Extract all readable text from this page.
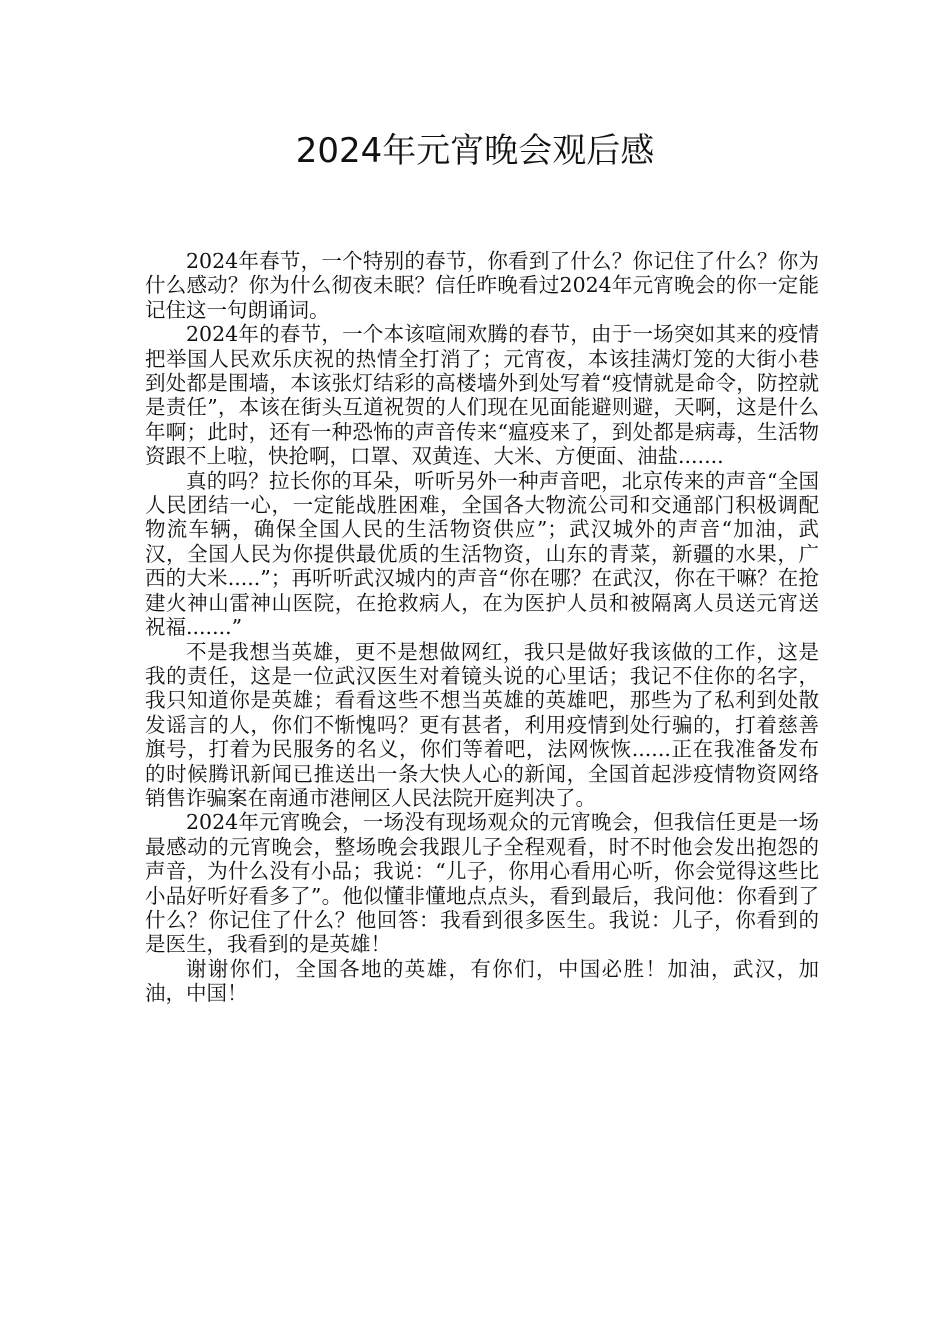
2024年元宵晚会观后感

2024年春节，一个特别的春节，你看到了什么？你记住了什么？你为什么感动？你为什么彻夜未眠？信任昨晚看过2024年元宵晚会的你一定能记住这一句朗诵词。

2024年的春节，一个本该喧闹欢腾的春节，由于一场突如其来的疫情把举国人民欢乐庆祝的热情全打消了；元宵夜，本该挂满灯笼的大街小巷到处都是围墙，本该张灯结彩的高楼墙外到处写着“疫情就是命令，防控就是责任”，本该在街头互道祝贺的人们现在见面能避则避，天啊，这是什么年啊；此时，还有一种恐怖的声音传来“瘟疫来了，到处都是病毒，生活物资跟不上啦，快抢啊，口罩、双黄连、大米、方便面、油盐.......

真的吗？拉长你的耳朵，听听另外一种声音吧，北京传来的声音“全国人民团结一心，一定能战胜困难，全国各大物流公司和交通部门积极调配物流车辆，确保全国人民的生活物资供应”；武汉城外的声音“加油，武汉，全国人民为你提供最优质的生活物资，山东的青菜，新疆的水果，广西的大米.....”；再听听武汉城内的声音“你在哪？在武汉，你在干嘛？在抢建火神山雷神山医院，在抢救病人，在为医护人员和被隔离人员送元宵送祝福.......”

不是我想当英雄，更不是想做网红，我只是做好我该做的工作，这是我的责任，这是一位武汉医生对着镜头说的心里话；我记不住你的名字，我只知道你是英雄；看看这些不想当英雄的英雄吧，那些为了私利到处散发谣言的人，你们不惭愧吗？更有甚者，利用疫情到处行骗的，打着慈善旗号，打着为民服务的名义，你们等着吧，法网恢恢......正在我准备发布的时候腾讯新闻已推送出一条大快人心的新闻，全国首起涉疫情物资网络销售诈骗案在南通市港闸区人民法院开庭判决了。

2024年元宵晚会，一场没有现场观众的元宵晚会，但我信任更是一场最感动的元宵晚会，整场晚会我跟儿子全程观看，时不时他会发出抱怨的声音，为什么没有小品；我说：“儿子，你用心看用心听，你会觉得这些比小品好听好看多了”。他似懂非懂地点点头，看到最后，我问他：你看到了什么？你记住了什么？他回答：我看到很多医生。我说：儿子，你看到的是医生，我看到的是英雄！

谢谢你们，全国各地的英雄，有你们，中国必胜！加油，武汉，加油，中国！
